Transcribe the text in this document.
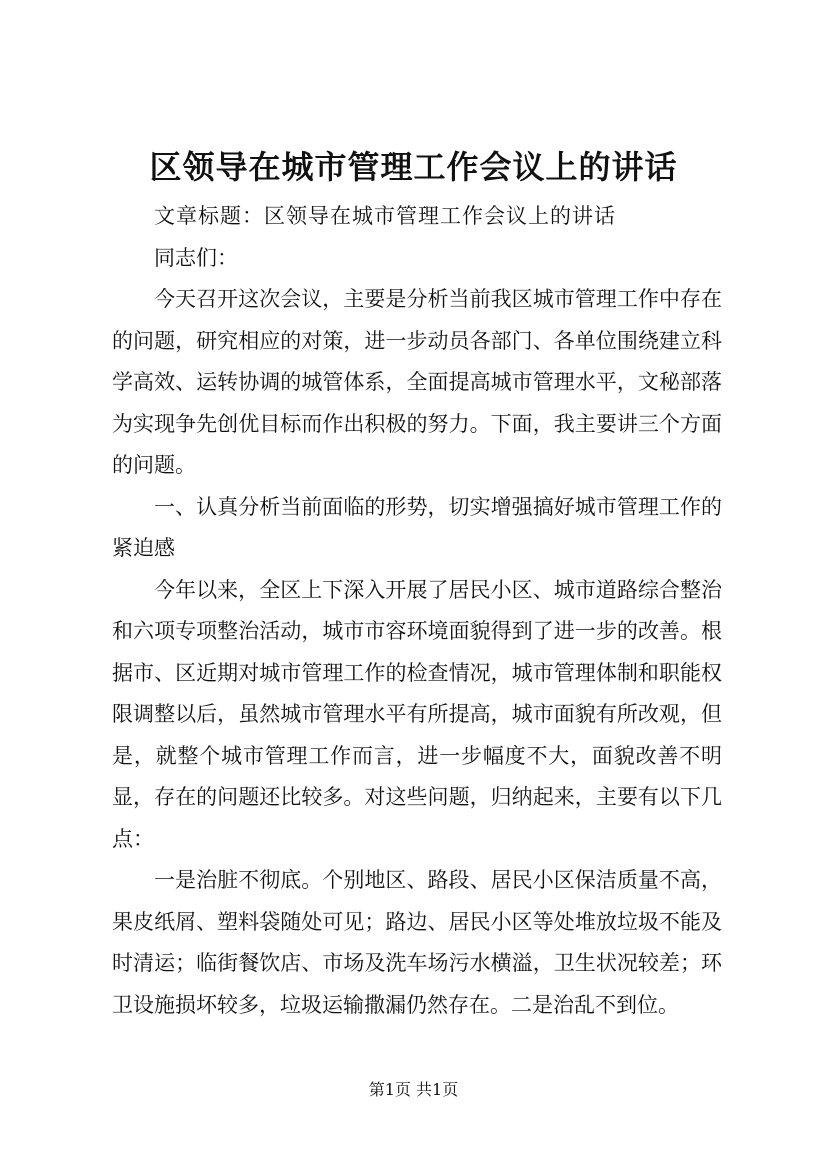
区领导在城市管理工作会议上的讲话

文章标题：区领导在城市管理工作会议上的讲话

同志们：

今天召开这次会议，主要是分析当前我区城市管理工作中存在的问题，研究相应的对策，进一步动员各部门、各单位围绕建立科学高效、运转协调的城管体系，全面提高城市管理水平，文秘部落为实现争先创优目标而作出积极的努力。下面，我主要讲三个方面的问题。

一、认真分析当前面临的形势，切实增强搞好城市管理工作的紧迫感

今年以来，全区上下深入开展了居民小区、城市道路综合整治和六项专项整治活动，城市市容环境面貌得到了进一步的改善。根据市、区近期对城市管理工作的检查情况，城市管理体制和职能权限调整以后，虽然城市管理水平有所提高，城市面貌有所改观，但是，就整个城市管理工作而言，进一步幅度不大，面貌改善不明显，存在的问题还比较多。对这些问题，归纳起来，主要有以下几点：

一是治脏不彻底。个别地区、路段、居民小区保洁质量不高，果皮纸屑、塑料袋随处可见；路边、居民小区等处堆放垃圾不能及时清运；临街餐饮店、市场及洗车场污水横溢，卫生状况较差；环卫设施损坏较多，垃圾运输撒漏仍然存在。二是治乱不到位。

第1页 共1页
